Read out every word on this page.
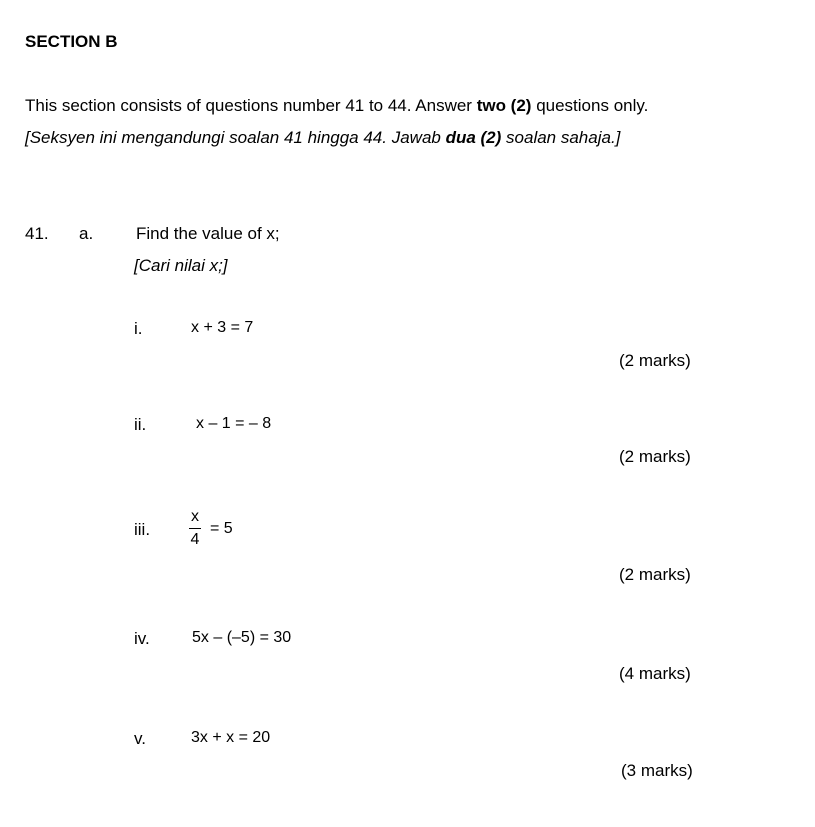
SECTION B
This section consists of questions number 41 to 44. Answer two (2) questions only.
[Seksyen ini mengandungi soalan 41 hingga 44. Jawab dua (2) soalan sahaja.]
41. a.	Find the value of x;
[Cari nilai x;]
i.	x + 3 = 7
(2 marks)
ii.	x – 1 = – 8
(2 marks)
iii. $\frac{x}{4} = 5$
(2 marks)
iv.	5x – (–5) = 30
(4 marks)
v.	3x + x = 20
(3 marks)
